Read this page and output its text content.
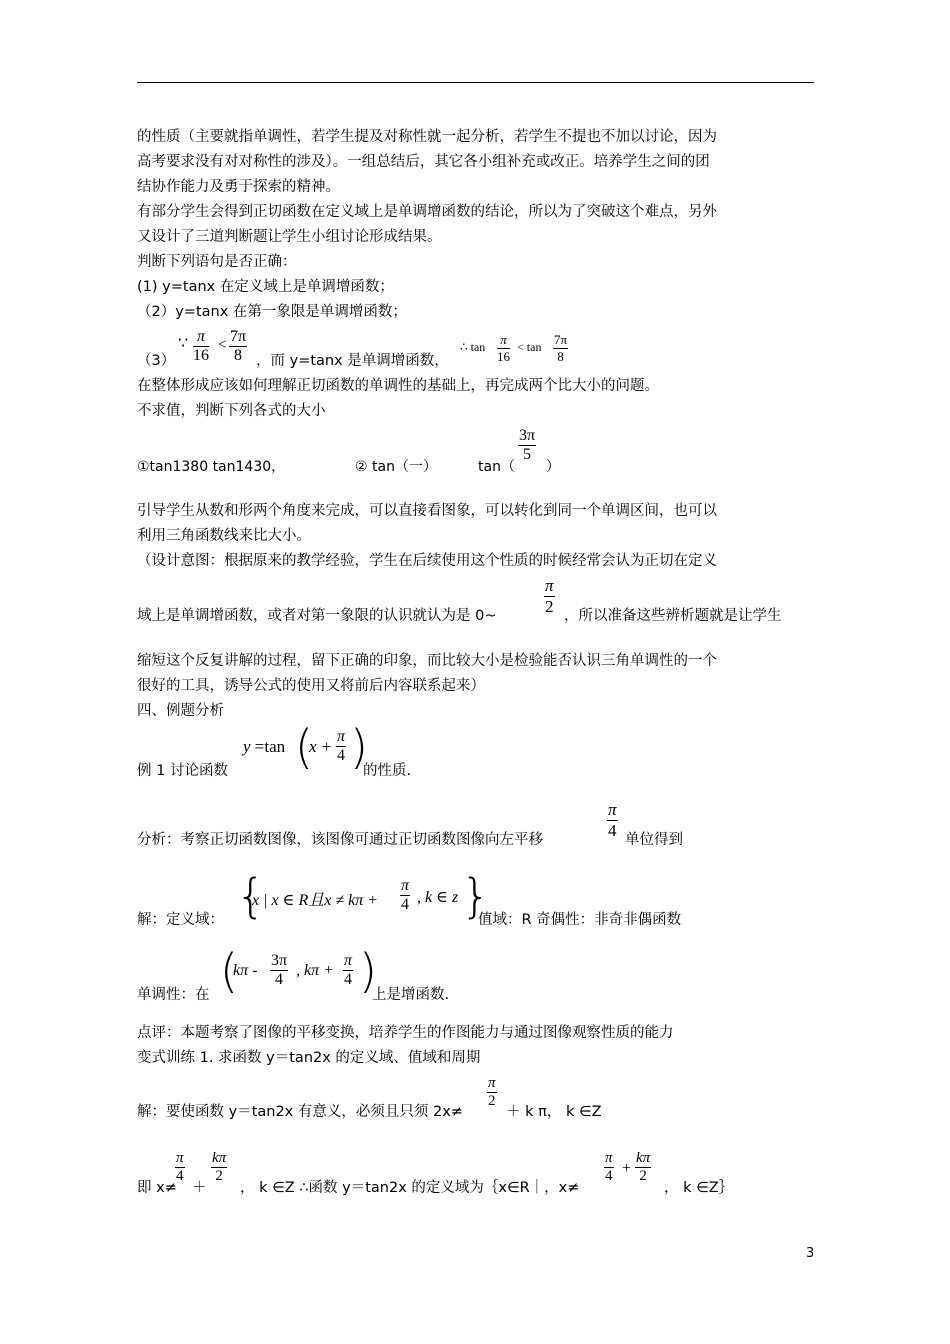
的性质（主要就指单调性，若学生提及对称性就一起分析，若学生不提也不加以讨论，因为
高考要求没有对对称性的涉及）。一组总结后，其它各小组补充或改正。培养学生之间的团
结协作能力及勇于探索的精神。
有部分学生会得到正切函数在定义域上是单调增函数的结论，所以为了突破这个难点，另外
又设计了三道判断题让学生小组讨论形成结果。
判断下列语句是否正确：
(1) y=tanx 在定义域上是单调增函数；
（2）y=tanx 在第一象限是单调增函数；
（3）
∵ π
16
< 7π
8 ，而 y=tanx 是单调增函数，
∴ tan π
16
< tan 7π
8
在整体形成应该如何理解正切函数的单调性的基础上，再完成两个比大小的问题。
不求值，判断下列各式的大小
①tan1380 tan1430，	② tan（一）	tan（
3π
5
）
引导学生从数和形两个角度来完成，可以直接看图象，可以转化到同一个单调区间，也可以
利用三角函数线来比大小。
（设计意图：根据原来的教学经验，学生在后续使用这个性质的时候经常会认为正切在定义
域上是单调增函数，或者对第一象限的认识就认为是 0~
π
2 ，所以准备这些辨析题就是让学生
缩短这个反复讲解的过程，留下正确的印象，而比较大小是检验能否认识三角单调性的一个
很好的工具，诱导公式的使用又将前后内容联系起来）
四、例题分析
例 1 讨论函数
y =tan (
x +
π
4 )
的性质.
分析：考察正切函数图像，该图像可通过正切函数图像向左平移
π
4 单位得到
解：定义域： {
x | x ∈ R且x ≠ kπ +
π
4 , k ∈ z }
值域：R 奇偶性：非奇非偶函数
单调性：在 (
kπ -
3π
4
, kπ +
π
4 )
上是增函数.
点评：本题考察了图像的平移变换，培养学生的作图能力与通过图像观察性质的能力
变式训练 1. 求函数 y＝tan2x 的定义域、值域和周期
解：要使函数 y＝tan2x 有意义，必须且只须 2x≠
π
2
＋ k π， k ∈Z
即 x≠
π
4
＋
kπ
2
， k ∈Z ∴函数 y＝tan2x 的定义域为｛x∈R｜，x≠
π
4 +
kπ
2
， k ∈Z｝
3
